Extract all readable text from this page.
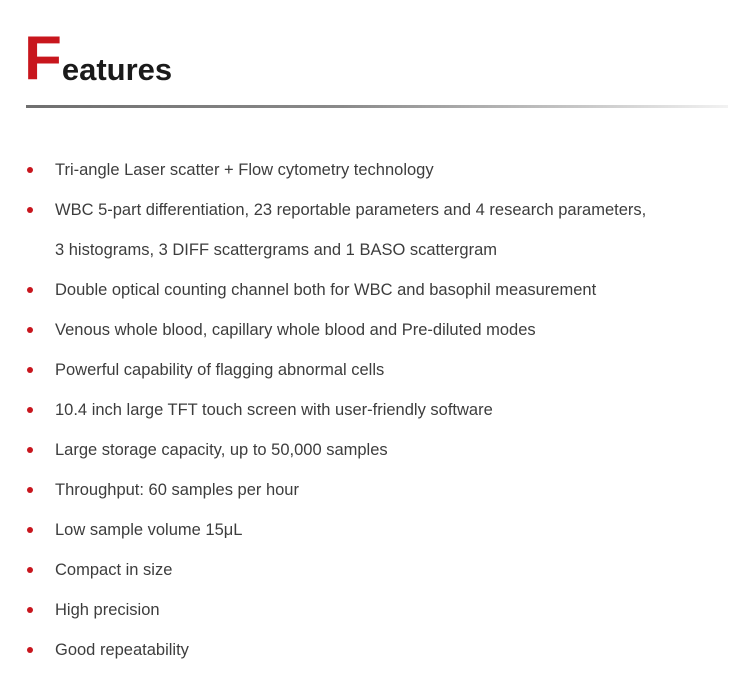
F eatures
Tri-angle Laser scatter + Flow cytometry technology
WBC 5-part differentiation, 23 reportable parameters and 4 research parameters,
3 histograms, 3 DIFF scattergrams and 1 BASO scattergram
Double optical counting channel both for WBC and basophil measurement
Venous whole blood, capillary whole blood and Pre-diluted modes
Powerful capability of flagging abnormal cells
10.4 inch large TFT touch screen with user-friendly software
Large storage capacity, up to 50,000 samples
Throughput: 60 samples per hour
Low sample volume 15μL
Compact in size
High precision
Good repeatability
